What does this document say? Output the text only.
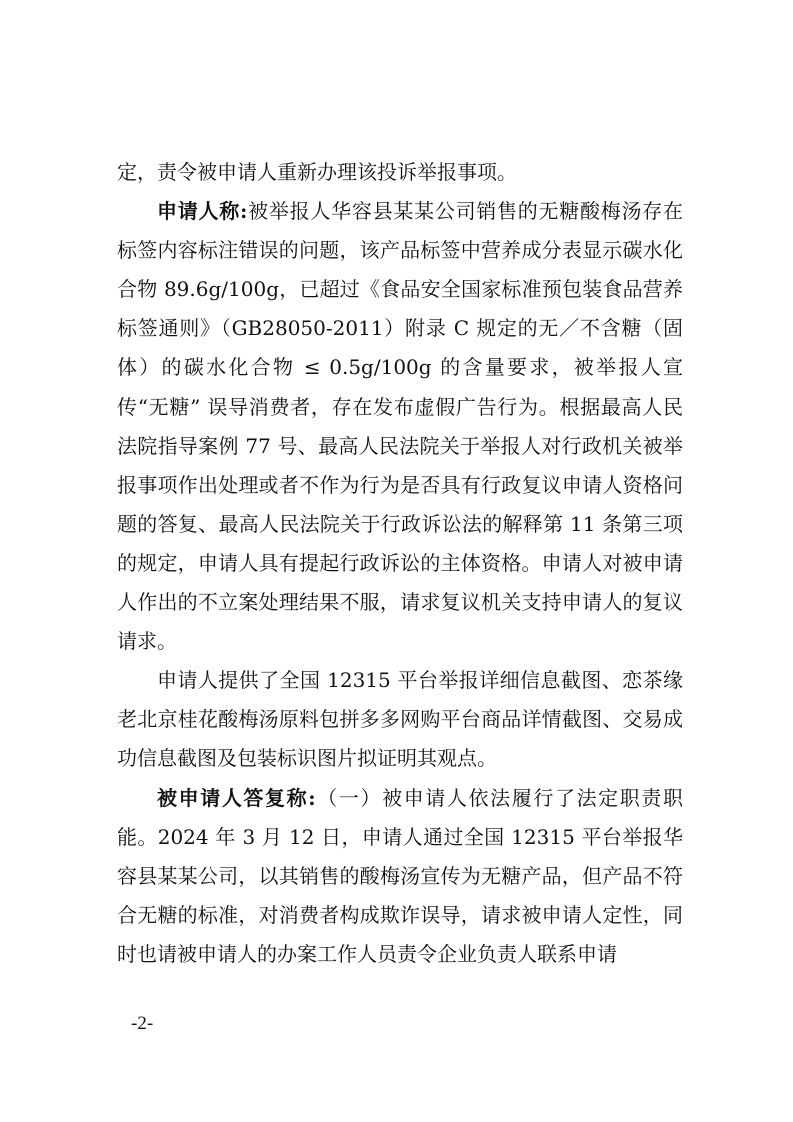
定，责令被申请人重新办理该投诉举报事项。

申请人称:被举报人华容县某某公司销售的无糖酸梅汤存在标签内容标注错误的问题，该产品标签中营养成分表显示碳水化合物 89.6g/100g，已超过《食品安全国家标准预包装食品营养标签通则》（GB28050-2011）附录 C 规定的无／不含糖（固体）的碳水化合物 ≤ 0.5g/100g 的含量要求，被举报人宣传“无糖” 误导消费者，存在发布虚假广告行为。根据最高人民法院指导案例 77 号、最高人民法院关于举报人对行政机关被举报事项作出处理或者不作为行为是否具有行政复议申请人资格问题的答复、最高人民法院关于行政诉讼法的解释第 11 条第三项的规定，申请人具有提起行政诉讼的主体资格。申请人对被申请人作出的不立案处理结果不服，请求复议机关支持申请人的复议请求。

申请人提供了全国 12315 平台举报详细信息截图、恋茶缘老北京桂花酸梅汤原料包拼多多网购平台商品详情截图、交易成功信息截图及包装标识图片拟证明其观点。

被申请人答复称:（一）被申请人依法履行了法定职责职能。2024 年 3 月 12 日，申请人通过全国 12315 平台举报华容县某某公司，以其销售的酸梅汤宣传为无糖产品，但产品不符合无糖的标准，对消费者构成欺诈误导，请求被申请人定性，同时也请被申请人的办案工作人员责令企业负责人联系申请

-2-
